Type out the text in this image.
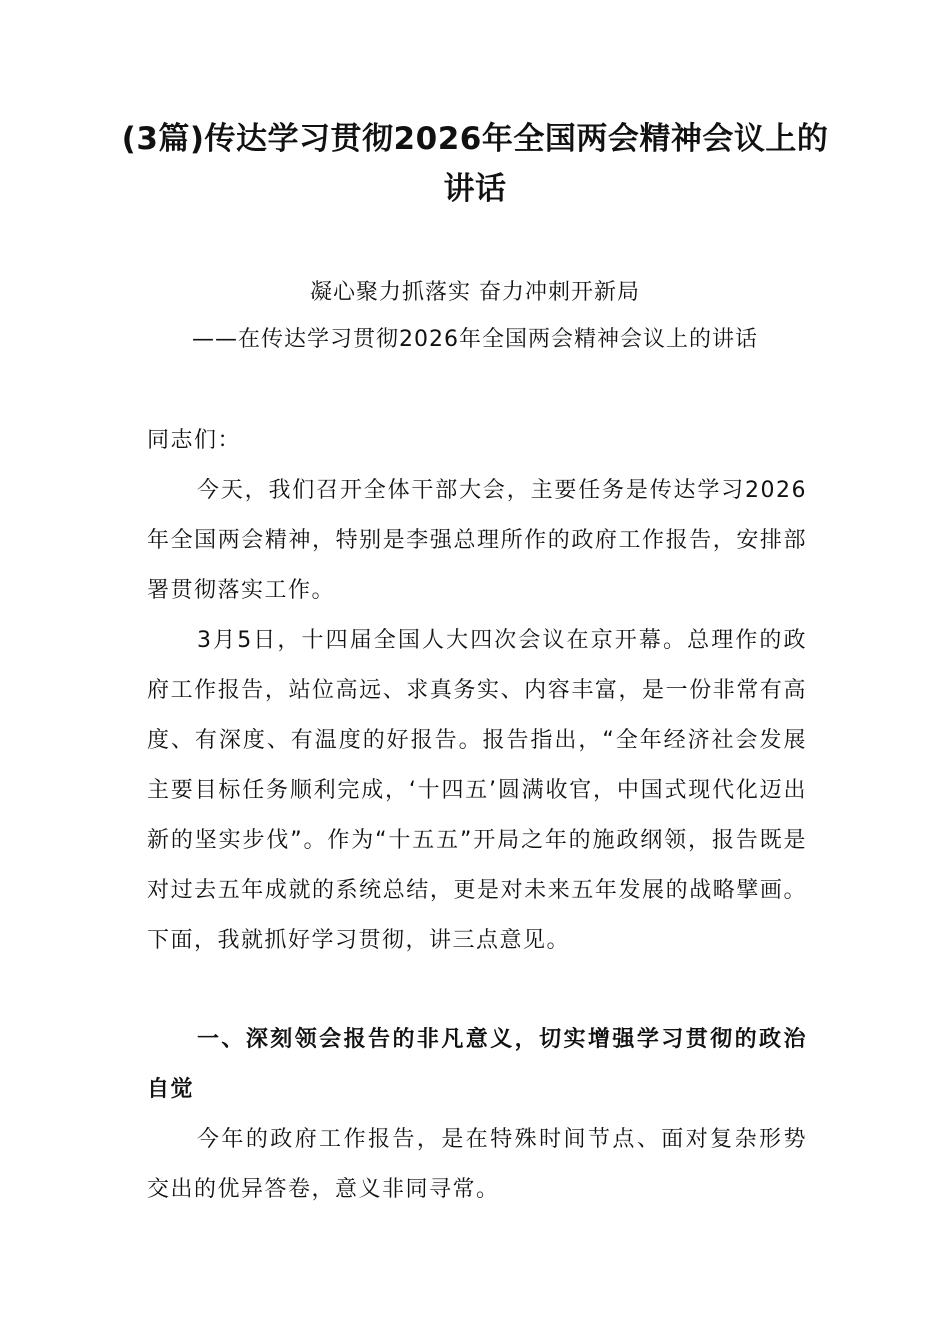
(3篇)传达学习贯彻2026年全国两会精神会议上的讲话
凝心聚力抓落实 奋力冲刺开新局
——在传达学习贯彻2026年全国两会精神会议上的讲话
同志们：
今天，我们召开全体干部大会，主要任务是传达学习2026年全国两会精神，特别是李强总理所作的政府工作报告，安排部署贯彻落实工作。
3月5日，十四届全国人大四次会议在京开幕。总理作的政府工作报告，站位高远、求真务实、内容丰富，是一份非常有高度、有深度、有温度的好报告。报告指出，“全年经济社会发展主要目标任务顺利完成，‘十四五’圆满收官，中国式现代化迈出新的坚实步伐”。作为“十五五”开局之年的施政纲领，报告既是对过去五年成就的系统总结，更是对未来五年发展的战略擘画。下面，我就抓好学习贯彻，讲三点意见。
一、深刻领会报告的非凡意义，切实增强学习贯彻的政治自觉
今年的政府工作报告，是在特殊时间节点、面对复杂形势交出的优异答卷，意义非同寻常。
